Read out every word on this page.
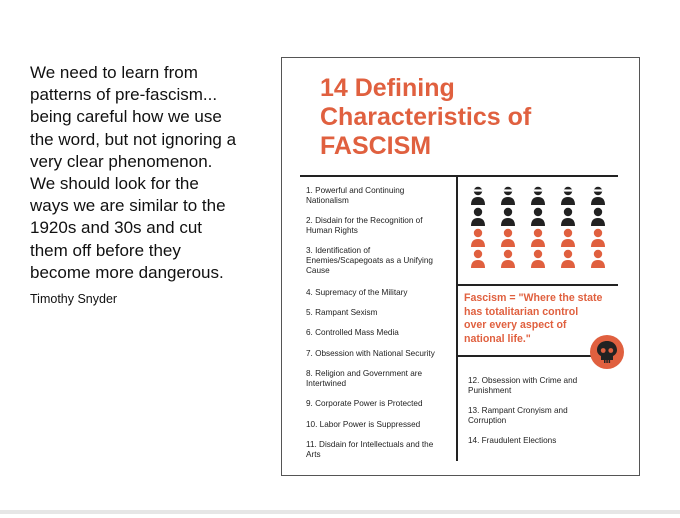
We need to learn from
patterns of pre-fascism...
being careful how we use
the word, but not ignoring a
very clear phenomenon.
We should look for the
ways we are similar to the
1920s and 30s and cut
them off before they
become more dangerous.
Timothy Snyder
14 Defining
Characteristics of
FASCISM
1. Powerful and Continuing
Nationalism
2. Disdain for the Recognition of
Human Rights
3. Identification of
Enemies/Scapegoats as a Unifying
Cause
4. Supremacy of the Military
5. Rampant Sexism
6. Controlled Mass Media
7. Obsession with National Security
8. Religion and Government are
Intertwined
9. Corporate Power is Protected
10. Labor Power is Suppressed
11. Disdain for Intellectuals and the
Arts
Fascism = "Where the state
has totalitarian control
over every aspect of
national life."
12. Obsession with Crime and
Punishment
13. Rampant Cronyism and
Corruption
14. Fraudulent Elections
